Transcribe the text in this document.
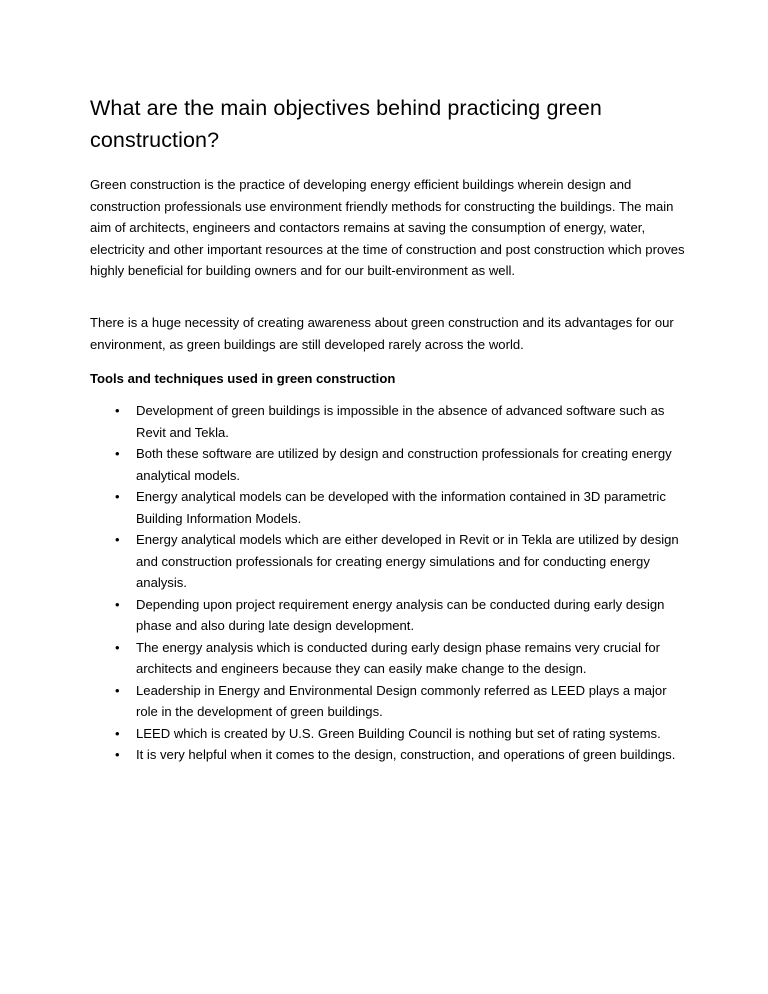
What are the main objectives behind practicing green construction?

Green construction is the practice of developing energy efficient buildings wherein design and construction professionals use environment friendly methods for constructing the buildings. The main aim of architects, engineers and contactors remains at saving the consumption of energy, water, electricity and other important resources at the time of construction and post construction which proves highly beneficial for building owners and for our built-environment as well.

There is a huge necessity of creating awareness about green construction and its advantages for our environment, as green buildings are still developed rarely across the world.

Tools and techniques used in green construction

• Development of green buildings is impossible in the absence of advanced software such as Revit and Tekla.
• Both these software are utilized by design and construction professionals for creating energy analytical models.
• Energy analytical models can be developed with the information contained in 3D parametric Building Information Models.
• Energy analytical models which are either developed in Revit or in Tekla are utilized by design and construction professionals for creating energy simulations and for conducting energy analysis.
• Depending upon project requirement energy analysis can be conducted during early design phase and also during late design development.
• The energy analysis which is conducted during early design phase remains very crucial for architects and engineers because they can easily make change to the design.
• Leadership in Energy and Environmental Design commonly referred as LEED plays a major role in the development of green buildings.
• LEED which is created by U.S. Green Building Council is nothing but set of rating systems.
• It is very helpful when it comes to the design, construction, and operations of green buildings.
